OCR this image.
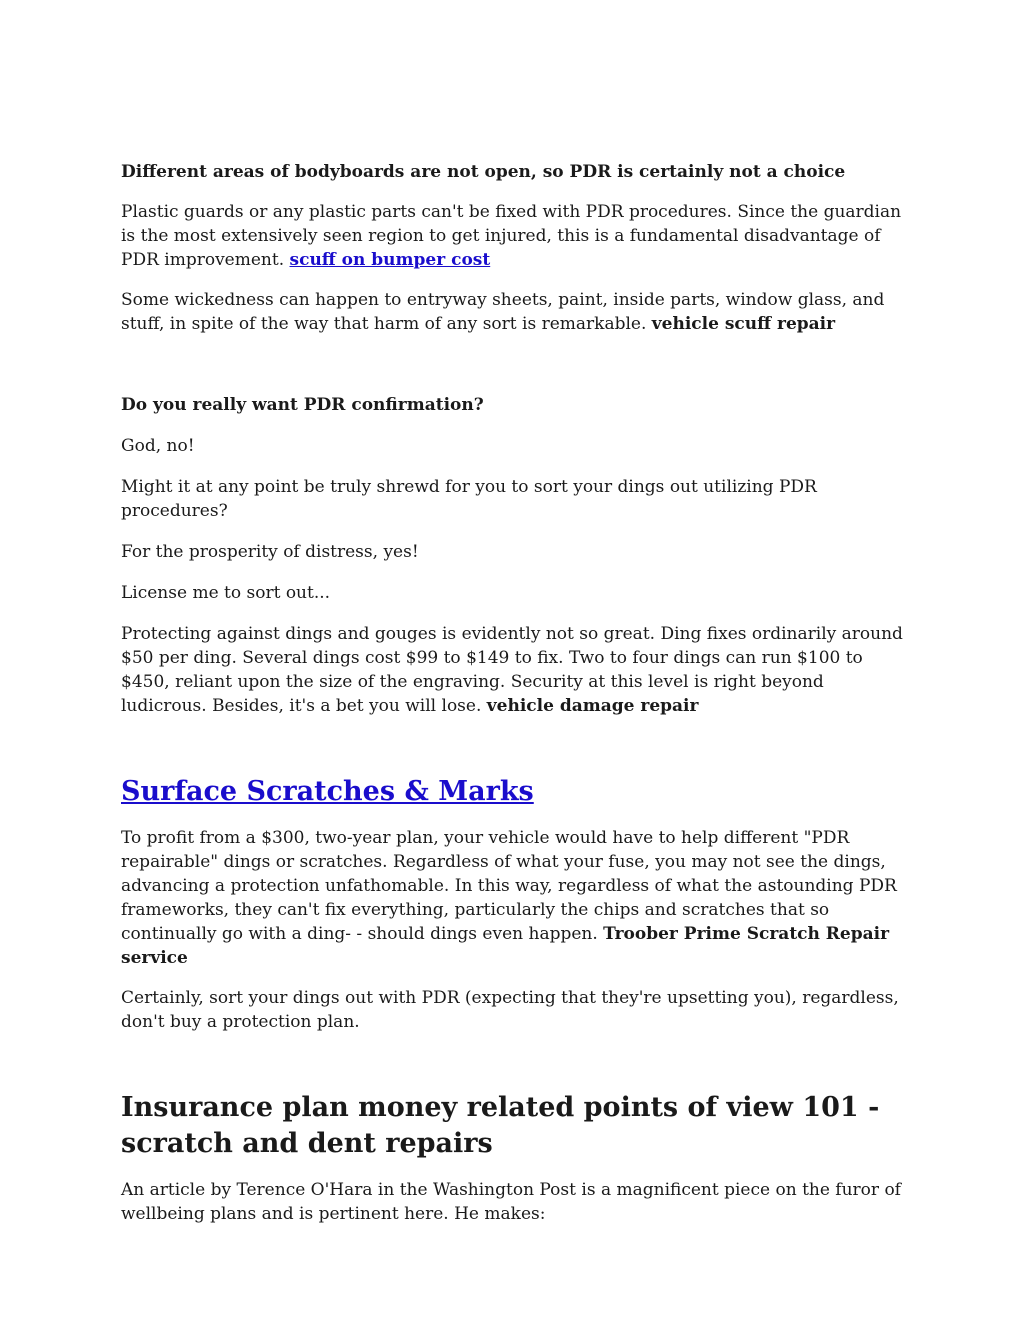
Different areas of bodyboards are not open, so PDR is certainly not a choice

Plastic guards or any plastic parts can't be fixed with PDR procedures. Since the guardian is the most extensively seen region to get injured, this is a fundamental disadvantage of PDR improvement. scuff on bumper cost

Some wickedness can happen to entryway sheets, paint, inside parts, window glass, and stuff, in spite of the way that harm of any sort is remarkable. vehicle scuff repair

Do you really want PDR confirmation?

God, no!

Might it at any point be truly shrewd for you to sort your dings out utilizing PDR procedures?

For the prosperity of distress, yes!

License me to sort out...

Protecting against dings and gouges is evidently not so great. Ding fixes ordinarily around $50 per ding. Several dings cost $99 to $149 to fix. Two to four dings can run $100 to $450, reliant upon the size of the engraving. Security at this level is right beyond ludicrous. Besides, it's a bet you will lose. vehicle damage repair

Surface Scratches & Marks

To profit from a $300, two-year plan, your vehicle would have to help different "PDR repairable" dings or scratches. Regardless of what your fuse, you may not see the dings, advancing a protection unfathomable. In this way, regardless of what the astounding PDR frameworks, they can't fix everything, particularly the chips and scratches that so continually go with a ding- - should dings even happen. Troober Prime Scratch Repair service

Certainly, sort your dings out with PDR (expecting that they're upsetting you), regardless, don't buy a protection plan.

Insurance plan money related points of view 101 - scratch and dent repairs

An article by Terence O'Hara in the Washington Post is a magnificent piece on the furor of wellbeing plans and is pertinent here. He makes:
